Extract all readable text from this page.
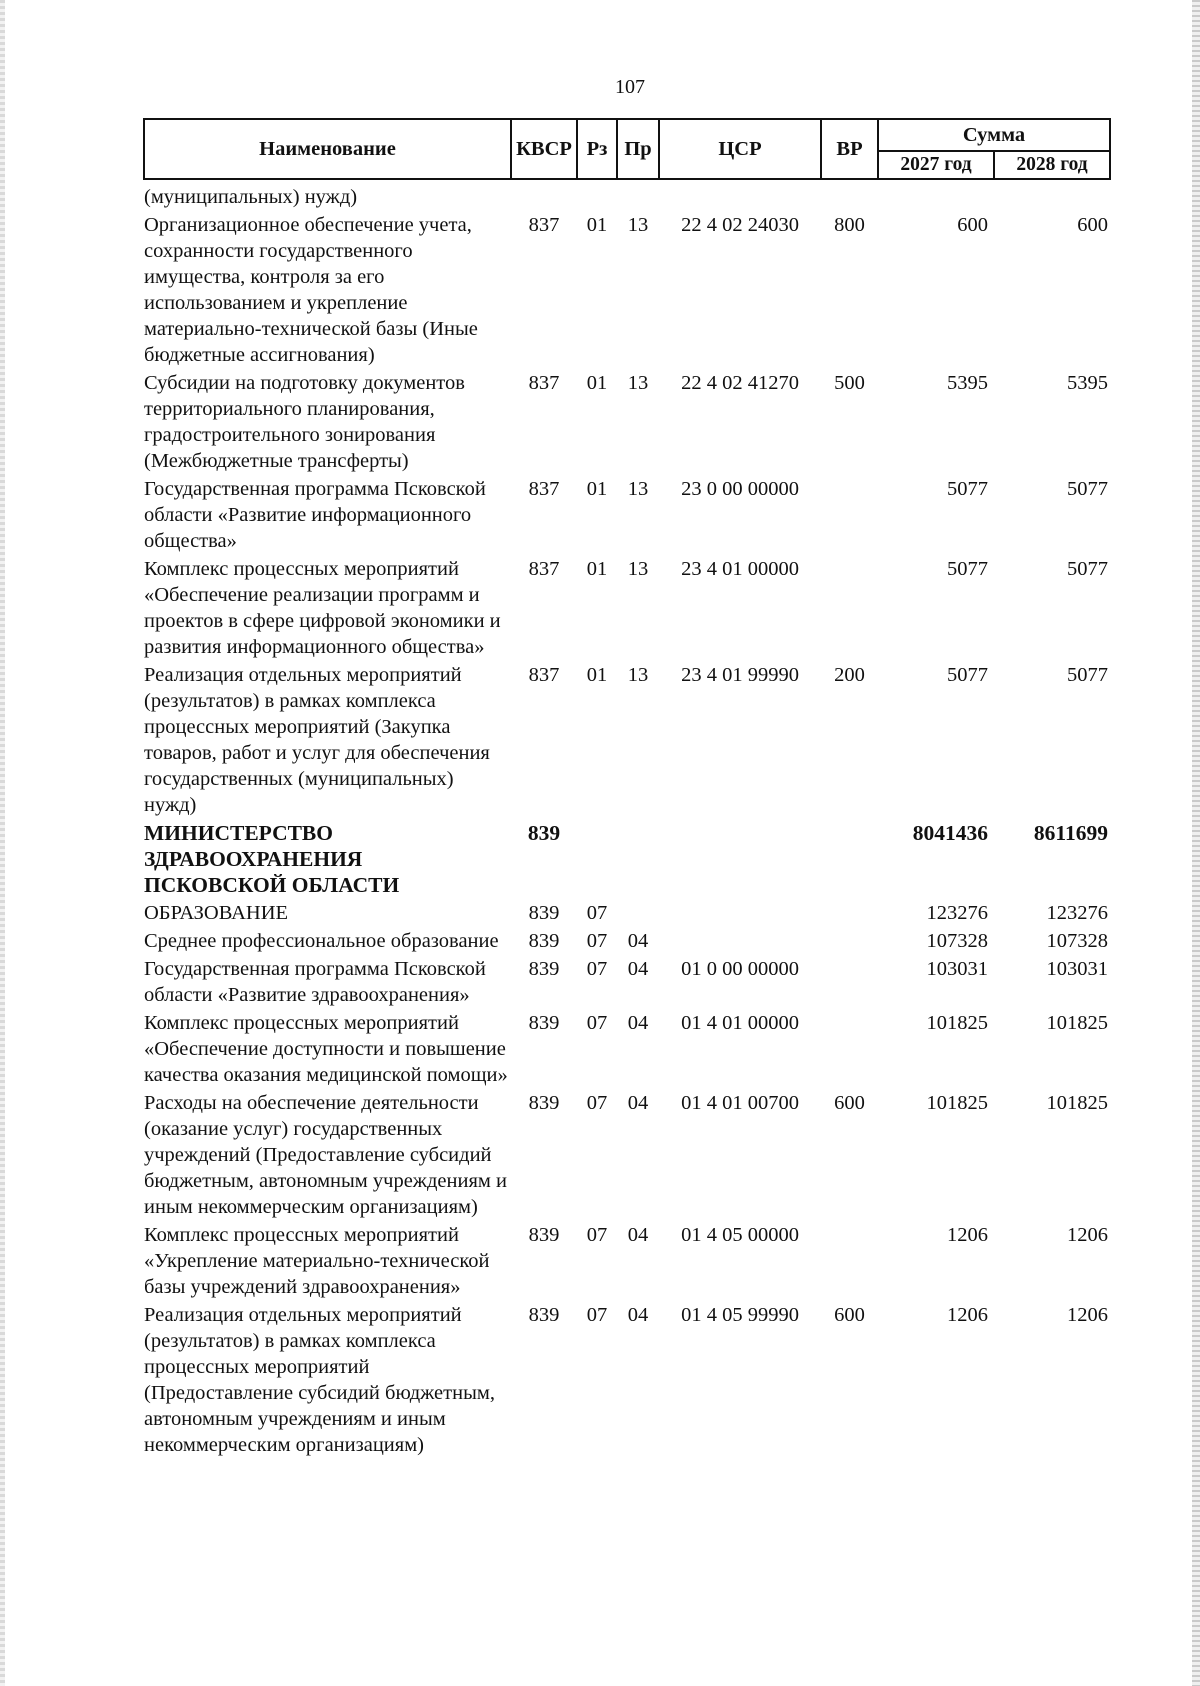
107
Наименование	КВСР	Рз	Пр	ЦСР	ВР	Сумма	
						2027 год	2028 год
(муниципальных) нужд)							
Организационное обеспечение учета, сохранности государственного имущества, контроля за его использованием и укрепление материально-технической базы (Иные бюджетные ассигнования)	837	01	13	22 4 02 24030	800	600	600
Субсидии на подготовку документов территориального планирования, градостроительного зонирования (Межбюджетные трансферты)	837	01	13	22 4 02 41270	500	5395	5395
Государственная программа Псковской области «Развитие информационного общества»	837	01	13	23 0 00 00000		5077	5077
Комплекс процессных мероприятий «Обеспечение реализации программ и проектов в сфере цифровой экономики и развития информационного общества»	837	01	13	23 4 01 00000		5077	5077
Реализация отдельных мероприятий (результатов) в рамках комплекса процессных мероприятий (Закупка товаров, работ и услуг для обеспечения государственных (муниципальных) нужд)	837	01	13	23 4 01 99990	200	5077	5077
МИНИСТЕРСТВО ЗДРАВООХРАНЕНИЯ ПСКОВСКОЙ ОБЛАСТИ	839					8041436	8611699
ОБРАЗОВАНИЕ	839	07				123276	123276
Среднее профессиональное образование	839	07	04			107328	107328
Государственная программа Псковской области «Развитие здравоохранения»	839	07	04	01 0 00 00000		103031	103031
Комплекс процессных мероприятий «Обеспечение доступности и повышение качества оказания медицинской помощи»	839	07	04	01 4 01 00000		101825	101825
Расходы на обеспечение деятельности (оказание услуг) государственных учреждений (Предоставление субсидий бюджетным, автономным учреждениям и иным некоммерческим организациям)	839	07	04	01 4 01 00700	600	101825	101825
Комплекс процессных мероприятий «Укрепление материально-технической базы учреждений здравоохранения»	839	07	04	01 4 05 00000		1206	1206
Реализация отдельных мероприятий (результатов) в рамках комплекса процессных мероприятий (Предоставление субсидий бюджетным, автономным учреждениям и иным некоммерческим организациям)	839	07	04	01 4 05 99990	600	1206	1206
